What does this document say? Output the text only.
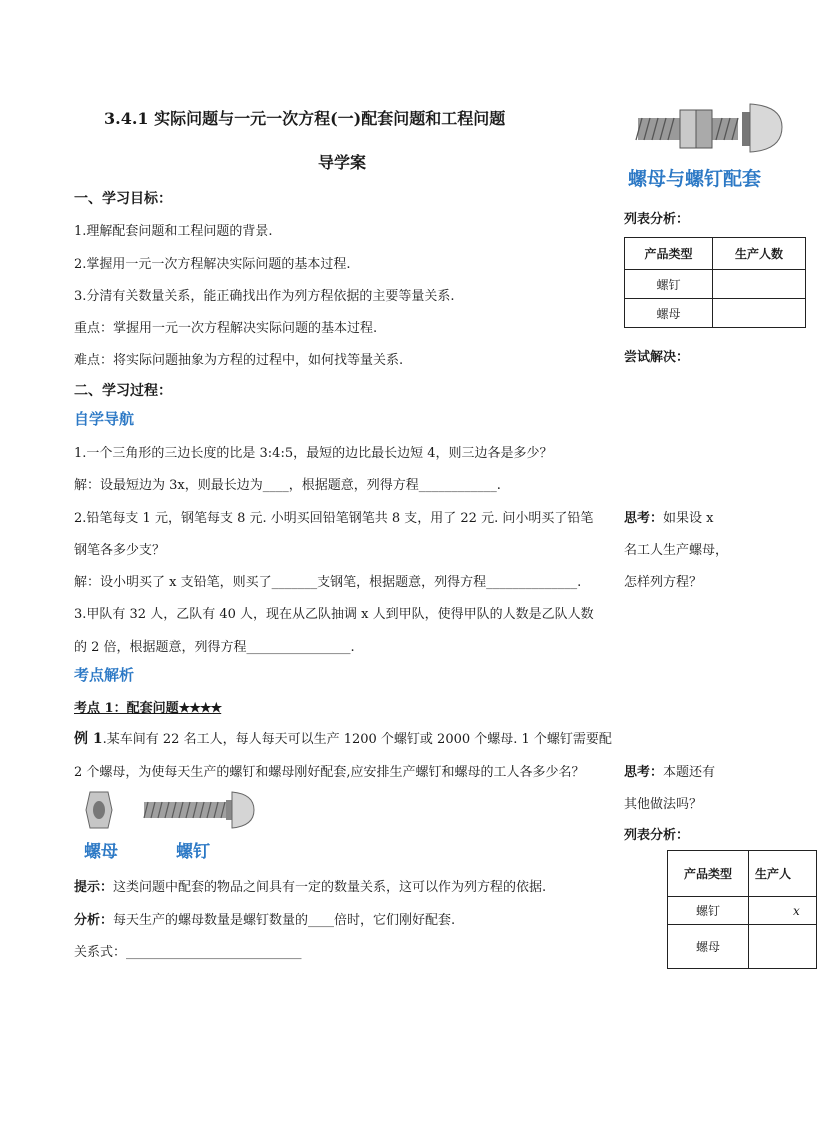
3.4.1 实际问题与一元一次方程(一)配套问题和工程问题
导学案
螺母与螺钉配套
一、学习目标：
1.理解配套问题和工程问题的背景.
2.掌握用一元一次方程解决实际问题的基本过程.
3.分清有关数量关系，能正确找出作为列方程依据的主要等量关系.
重点：掌握用一元一次方程解决实际问题的基本过程.
难点：将实际问题抽象为方程的过程中，如何找等量关系.
二、学习过程：
自学导航
1.一个三角形的三边长度的比是 3:4:5，最短的边比最长边短 4，则三边各是多少？
解：设最短边为 3x，则最长边为____，根据题意，列得方程____________.
2.铅笔每支 1 元，钢笔每支 8 元. 小明买回铅笔钢笔共 8 支，用了 22 元. 问小明买了铅笔
钢笔各多少支？
解：设小明买了 x 支铅笔，则买了_______支钢笔，根据题意，列得方程______________.
3.甲队有 32 人，乙队有 40 人，现在从乙队抽调 x 人到甲队，使得甲队的人数是乙队人数
的 2 倍，根据题意，列得方程________________.
考点解析
考点 1：配套问题★★★★
例 1.某车间有 22 名工人，每人每天可以生产 1200 个螺钉或 2000 个螺母. 1 个螺钉需要配
2 个螺母，为使每天生产的螺钉和螺母刚好配套,应安排生产螺钉和螺母的工人各多少名？
螺母	螺钉
提示：这类问题中配套的物品之间具有一定的数量关系，这可以作为列方程的依据.
分析：每天生产的螺母数量是螺钉数量的____倍时，它们刚好配套.
关系式：___________________________
列表分析：
产品类型	生产人数
螺钉	
螺母	
尝试解决：
思考：如果设 x
名工人生产螺母，
怎样列方程？
思考：本题还有
其他做法吗？
列表分析：
产品类型	生产人
螺钉	x
螺母	
